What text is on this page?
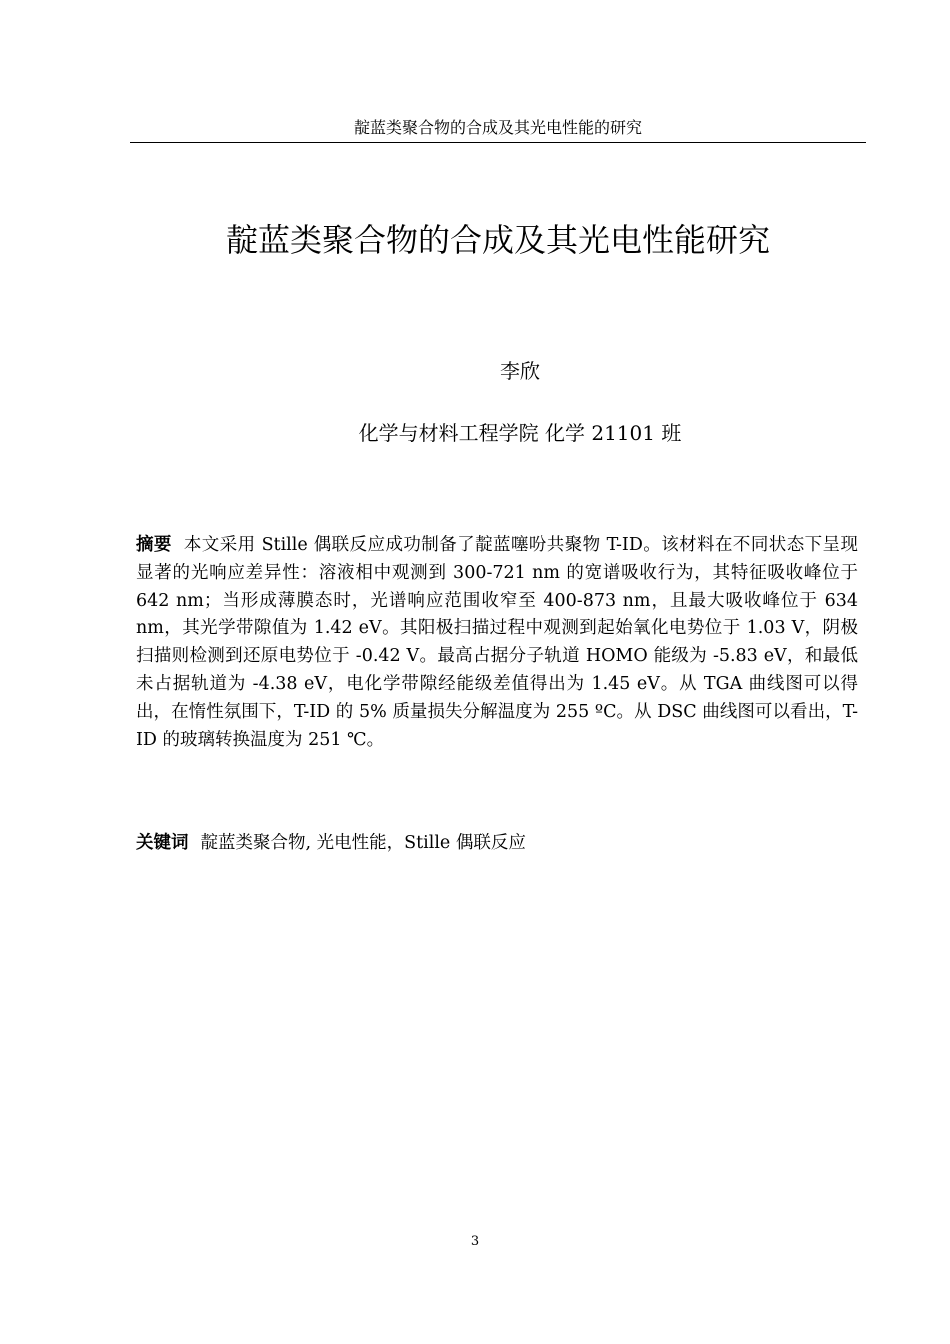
靛蓝类聚合物的合成及其光电性能的研究
靛蓝类聚合物的合成及其光电性能研究
李欣
化学与材料工程学院 化学 21101 班

摘要 本文采用 Stille 偶联反应成功制备了靛蓝噻吩共聚物 T-ID。该材料在不同状态下呈现显著的光响应差异性：溶液相中观测到 300-721 nm 的宽谱吸收行为，其特征吸收峰位于 642 nm；当形成薄膜态时，光谱响应范围收窄至 400-873 nm，且最大吸收峰位于 634 nm，其光学带隙值为 1.42 eV。其阳极扫描过程中观测到起始氧化电势位于 1.03 V，阴极扫描则检测到还原电势位于 -0.42 V。最高占据分子轨道 HOMO 能级为 -5.83 eV，和最低未占据轨道为 -4.38 eV，电化学带隙经能级差值得出为 1.45 eV。从 TGA 曲线图可以得出，在惰性氛围下，T-ID 的 5% 质量损失分解温度为 255 ºC。从 DSC 曲线图可以看出，T-ID 的玻璃转换温度为 251 ℃。

关键词 靛蓝类聚合物, 光电性能，Stille 偶联反应

3
